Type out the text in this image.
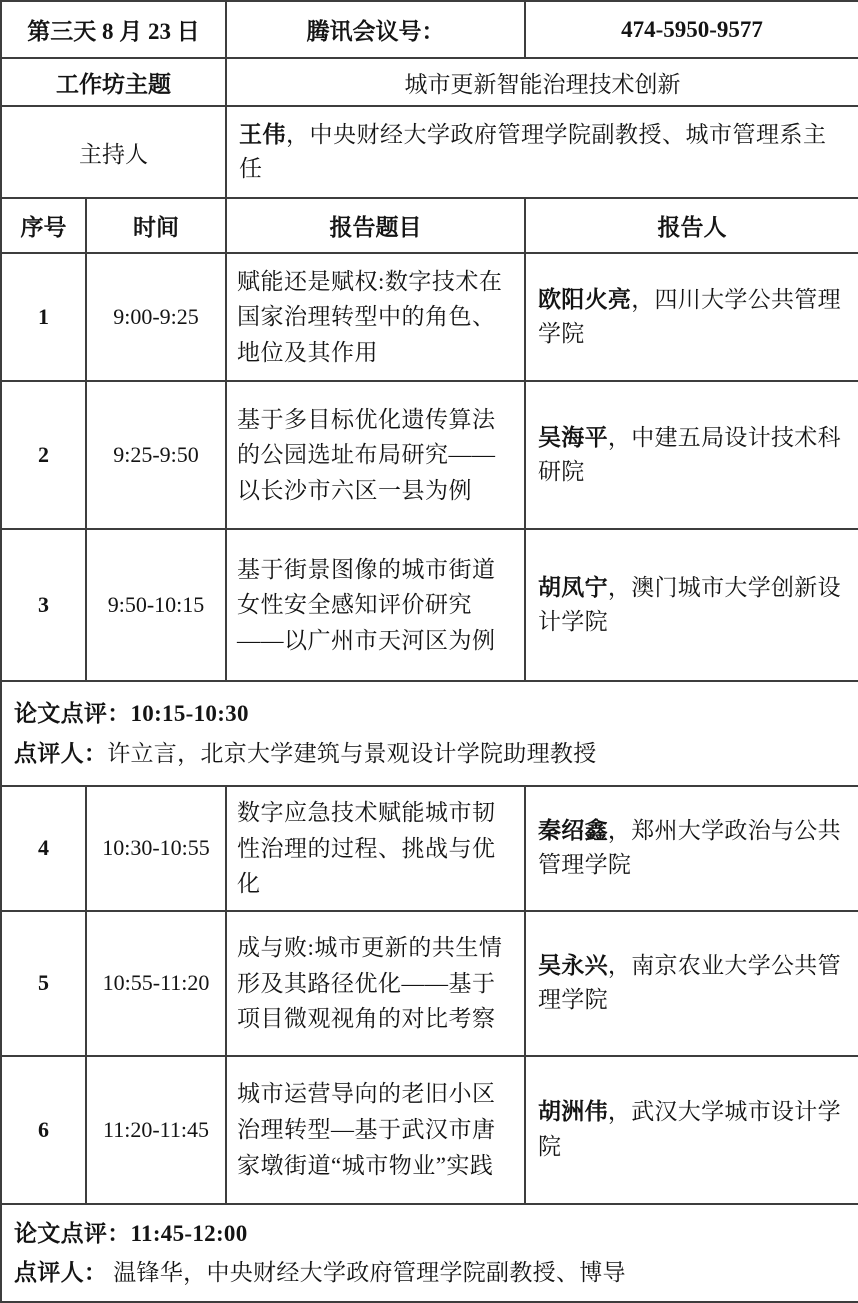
第三天 8 月 23 日		腾讯会议号：	474-5950-9577
工作坊主题		城市更新智能治理技术创新	
主持人		王伟，中央财经大学政府管理学院副教授、城市管理系主任	
序号	时间	报告题目	报告人
1	9:00-9:25	赋能还是赋权:数字技术在国家治理转型中的角色、地位及其作用	欧阳火亮，四川大学公共管理学院
2	9:25-9:50	基于多目标优化遗传算法的公园选址布局研究——以长沙市六区一县为例	吴海平，中建五局设计技术科研院
3	9:50-10:15	基于街景图像的城市街道女性安全感知评价研究 ——以广州市天河区为例	胡凤宁，澳门城市大学创新设计学院

论文点评：10:15-10:30
点评人：许立言，北京大学建筑与景观设计学院助理教授			

4	10:30-10:55	数字应急技术赋能城市韧性治理的过程、挑战与优化	秦绍鑫，郑州大学政治与公共管理学院
5	10:55-11:20	成与败:城市更新的共生情形及其路径优化——基于项目微观视角的对比考察	吴永兴，南京农业大学公共管理学院
6	11:20-11:45	城市运营导向的老旧小区治理转型—基于武汉市唐家墩街道“城市物业”实践	胡洲伟，武汉大学城市设计学院

论文点评：11:45-12:00
点评人： 温锋华，中央财经大学政府管理学院副教授、博导			
